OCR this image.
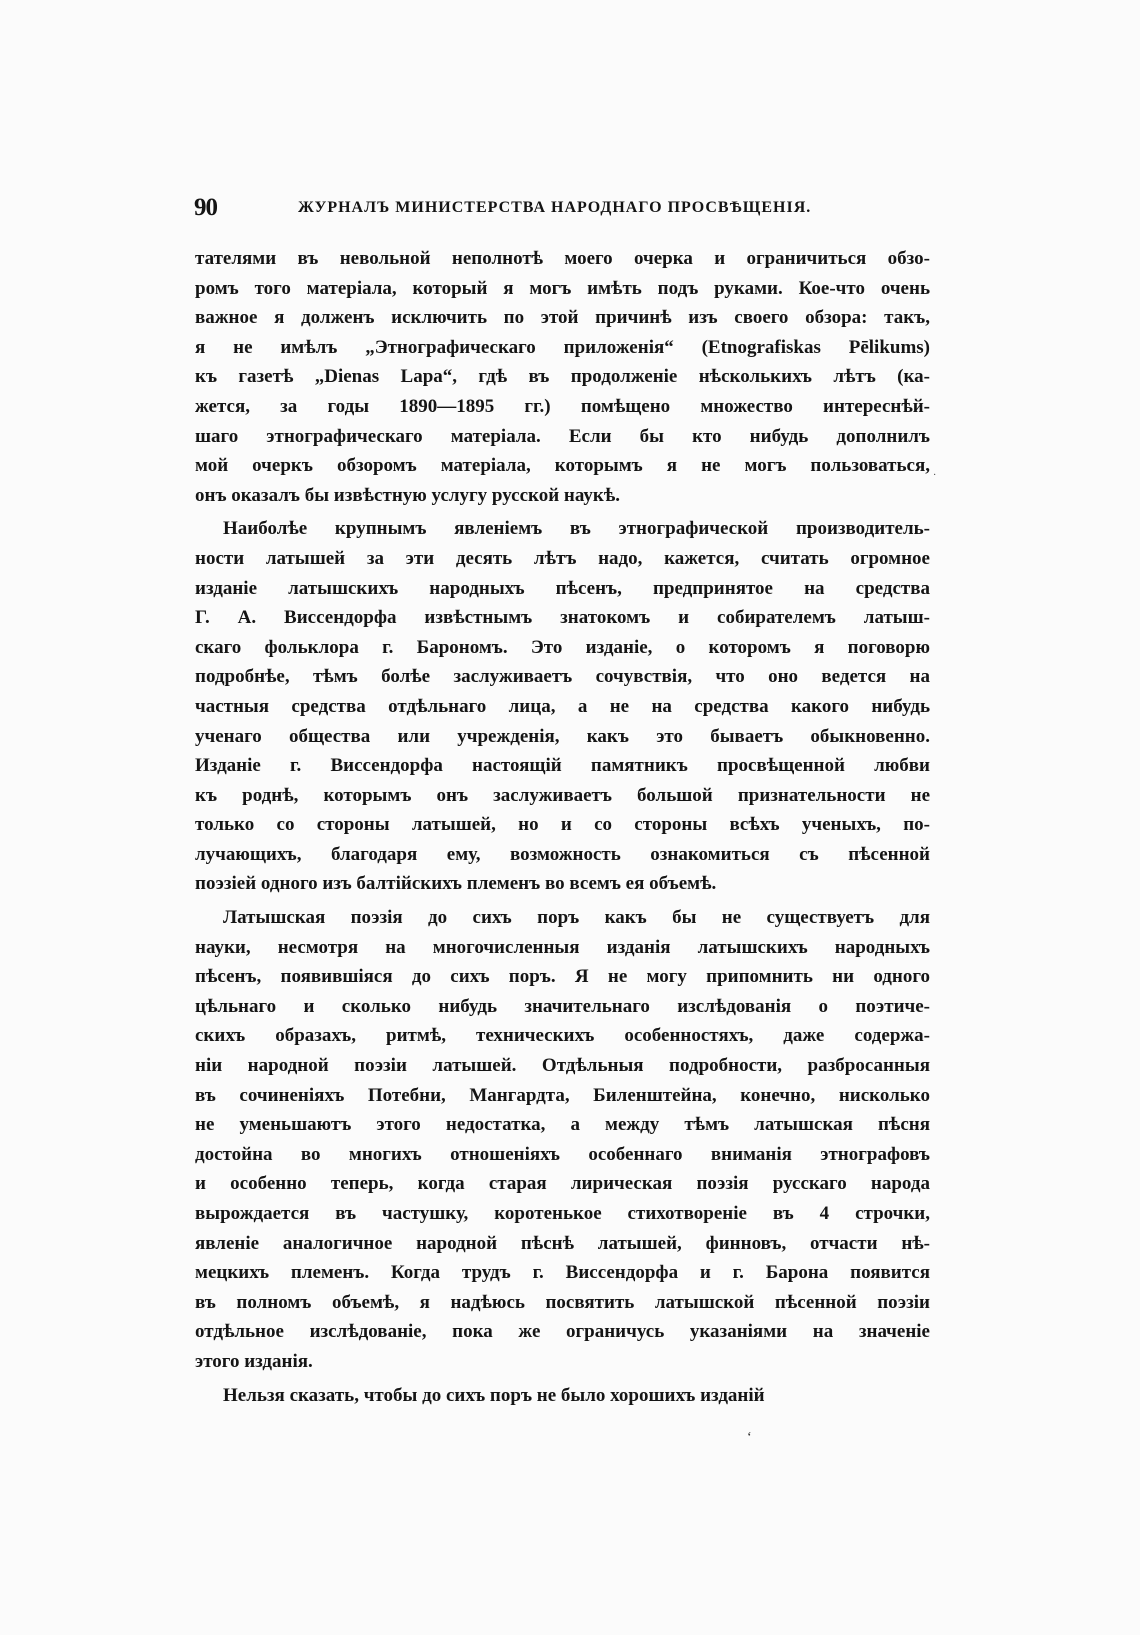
90	ЖУРНАЛЪ МИНИСТЕРСТВА НАРОДНАГО ПРОСВѢЩЕНІЯ.
тателями въ невольной неполнотѣ моего очерка и ограничиться обзо-
ромъ того матеріала, который я могъ имѣть подъ руками. Кое-что очень
важное я долженъ исключить по этой причинѣ изъ своего обзора: такъ,
я не имѣлъ „Этнографическаго приложенія“ (Etnografiskas Pēlikums)
къ газетѣ „Dienas Lapa“, гдѣ въ продолженіе нѣсколькихъ лѣтъ (ка-
жется, за годы 1890—1895 гг.) помѣщено множество интереснѣй-
шаго этнографическаго матеріала. Если бы кто нибудь дополнилъ
мой очеркъ обзоромъ матеріала, которымъ я не могъ пользоваться,
онъ оказалъ бы извѣстную услугу русской наукѣ.
Наиболѣе крупнымъ явленіемъ въ этнографической производитель-
ности латышей за эти десять лѣтъ надо, кажется, считать огромное
изданіе латышскихъ народныхъ пѣсенъ, предпринятое на средства
Г. А. Виссендорфа извѣстнымъ знатокомъ и собирателемъ латыш-
скаго фольклора г. Барономъ. Это изданіе, о которомъ я поговорю
подробнѣе, тѣмъ болѣе заслуживаетъ сочувствія, что оно ведется на
частныя средства отдѣльнаго лица, а не на средства какого нибудь
ученаго общества или учрежденія, какъ это бываетъ обыкновенно.
Изданіе г. Виссендорфа настоящій памятникъ просвѣщенной любви
къ роднѣ, которымъ онъ заслуживаетъ большой признательности не
только со стороны латышей, но и со стороны всѣхъ ученыхъ, по-
лучающихъ, благодаря ему, возможность ознакомиться съ пѣсенной
поэзіей одного изъ балтійскихъ племенъ во всемъ ея объемѣ.
Латышская поэзія до сихъ поръ какъ бы не существуетъ для
науки, несмотря на многочисленныя изданія латышскихъ народныхъ
пѣсенъ, появившіяся до сихъ поръ. Я не могу припомнить ни одного
цѣльнаго и сколько нибудь значительнаго изслѣдованія о поэтиче-
скихъ образахъ, ритмѣ, техническихъ особенностяхъ, даже содержа-
ніи народной поэзіи латышей. Отдѣльныя подробности, разбросанныя
въ сочиненіяхъ Потебни, Мангардта, Биленштейна, конечно, нисколько
не уменьшаютъ этого недостатка, а между тѣмъ латышская пѣсня
достойна во многихъ отношеніяхъ особеннаго вниманія этнографовъ
и особенно теперь, когда старая лирическая поэзія русскаго народа
вырождается въ частушку, коротенькое стихотвореніе въ 4 строчки,
явленіе аналогичное народной пѣснѣ латышей, финновъ, отчасти нѣ-
мецкихъ племенъ. Когда трудъ г. Виссендорфа и г. Барона появится
въ полномъ объемѣ, я надѣюсь посвятить латышской пѣсенной поэзіи
отдѣльное изслѣдованіе, пока же ограничусь указаніями на значеніе
этого изданія.
Нельзя сказать, чтобы до сихъ поръ не было хорошихъ изданій
·
‘
